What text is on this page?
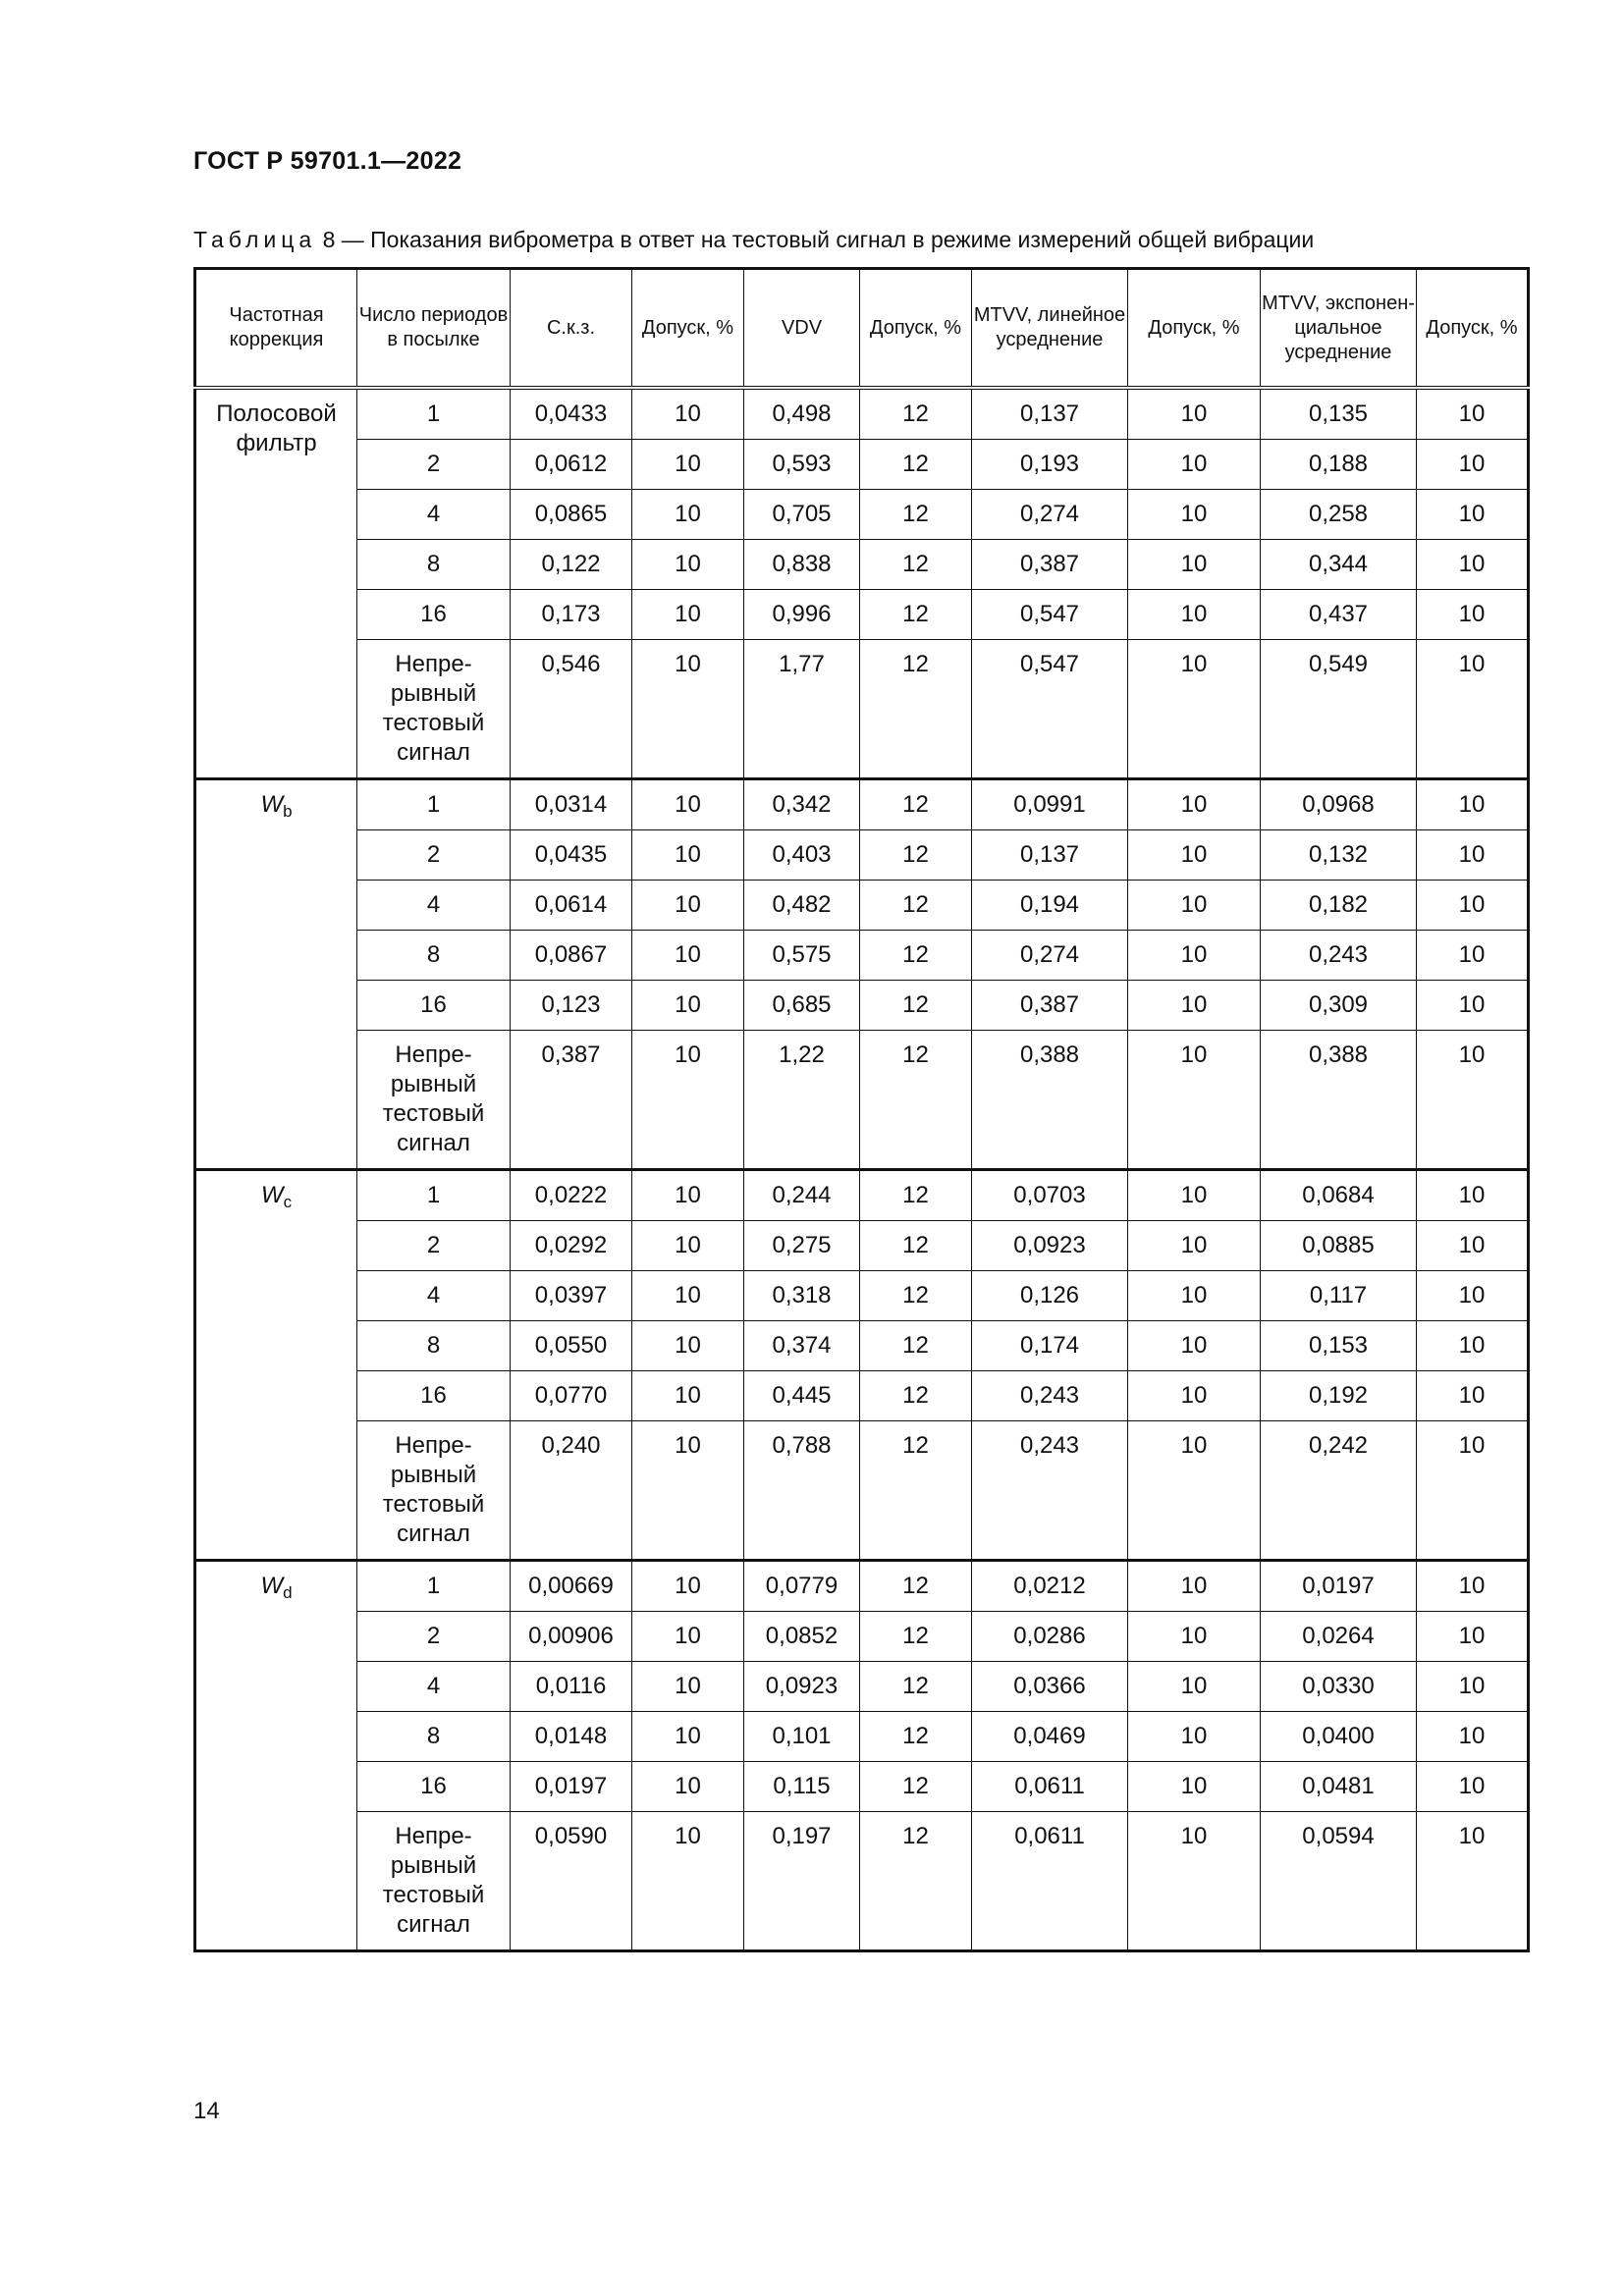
ГОСТ Р 59701.1—2022
Таблица 8 — Показания виброметра в ответ на тестовый сигнал в режиме измерений общей вибрации
Частотная коррекция	Число периодов в посылке	С.к.з.	Допуск, %	VDV	Допуск, %	MTVV, линейное усреднение	Допуск, %	MTVV, экспонен-циальное усреднение	Допуск, %
Полосовой фильтр	1	0,0433	10	0,498	12	0,137	10	0,135	10
	2	0,0612	10	0,593	12	0,193	10	0,188	10
	4	0,0865	10	0,705	12	0,274	10	0,258	10
	8	0,122	10	0,838	12	0,387	10	0,344	10
	16	0,173	10	0,996	12	0,547	10	0,437	10
	Непре-рывный тестовый сигнал	0,546	10	1,77	12	0,547	10	0,549	10
$W_b$	1	0,0314	10	0,342	12	0,0991	10	0,0968	10
	2	0,0435	10	0,403	12	0,137	10	0,132	10
	4	0,0614	10	0,482	12	0,194	10	0,182	10
	8	0,0867	10	0,575	12	0,274	10	0,243	10
	16	0,123	10	0,685	12	0,387	10	0,309	10
	Непре-рывный тестовый сигнал	0,387	10	1,22	12	0,388	10	0,388	10
$W_c$	1	0,0222	10	0,244	12	0,0703	10	0,0684	10
	2	0,0292	10	0,275	12	0,0923	10	0,0885	10
	4	0,0397	10	0,318	12	0,126	10	0,117	10
	8	0,0550	10	0,374	12	0,174	10	0,153	10
	16	0,0770	10	0,445	12	0,243	10	0,192	10
	Непре-рывный тестовый сигнал	0,240	10	0,788	12	0,243	10	0,242	10
$W_d$	1	0,00669	10	0,0779	12	0,0212	10	0,0197	10
	2	0,00906	10	0,0852	12	0,0286	10	0,0264	10
	4	0,0116	10	0,0923	12	0,0366	10	0,0330	10
	8	0,0148	10	0,101	12	0,0469	10	0,0400	10
	16	0,0197	10	0,115	12	0,0611	10	0,0481	10
	Непре-рывный тестовый сигнал	0,0590	10	0,197	12	0,0611	10	0,0594	10
14
